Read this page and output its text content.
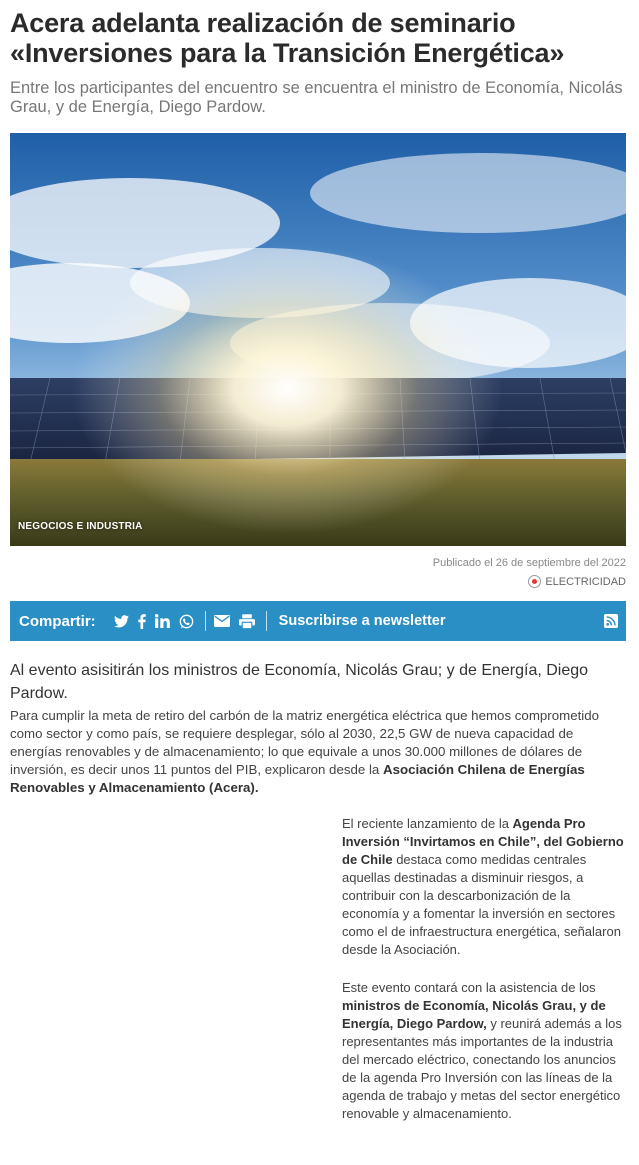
Acera adelanta realización de seminario «Inversiones para la Transición Energética»

Entre los participantes del encuentro se encuentra el ministro de Economía, Nicolás Grau, y de Energía, Diego Pardow.

NEGOCIOS E INDUSTRIA
Publicado el 26 de septiembre del 2022
ELECTRICIDAD
Compartir:	Suscribirse a newsletter

Al evento asisitirán los ministros de Economía, Nicolás Grau; y de Energía, Diego Pardow.

Para cumplir la meta de retiro del carbón de la matriz energética eléctrica que hemos comprometido como sector y como país, se requiere desplegar, sólo al 2030, 22,5 GW de nueva capacidad de energías renovables y de almacenamiento; lo que equivale a unos 30.000 millones de dólares de inversión, es decir unos 11 puntos del PIB, explicaron desde la Asociación Chilena de Energías Renovables y Almacenamiento (Acera).

El reciente lanzamiento de la Agenda Pro Inversión “Invirtamos en Chile”, del Gobierno de Chile destaca como medidas centrales aquellas destinadas a disminuir riesgos, a contribuir con la descarbonización de la economía y a fomentar la inversión en sectores como el de infraestructura energética, señalaron desde la Asociación.

Este evento contará con la asistencia de los ministros de Economía, Nicolás Grau, y de Energía, Diego Pardow, y reunirá además a los representantes más importantes de la industria del mercado eléctrico, conectando los anuncios de la agenda Pro Inversión con las líneas de la agenda de trabajo y metas del sector energético renovable y almacenamiento.
